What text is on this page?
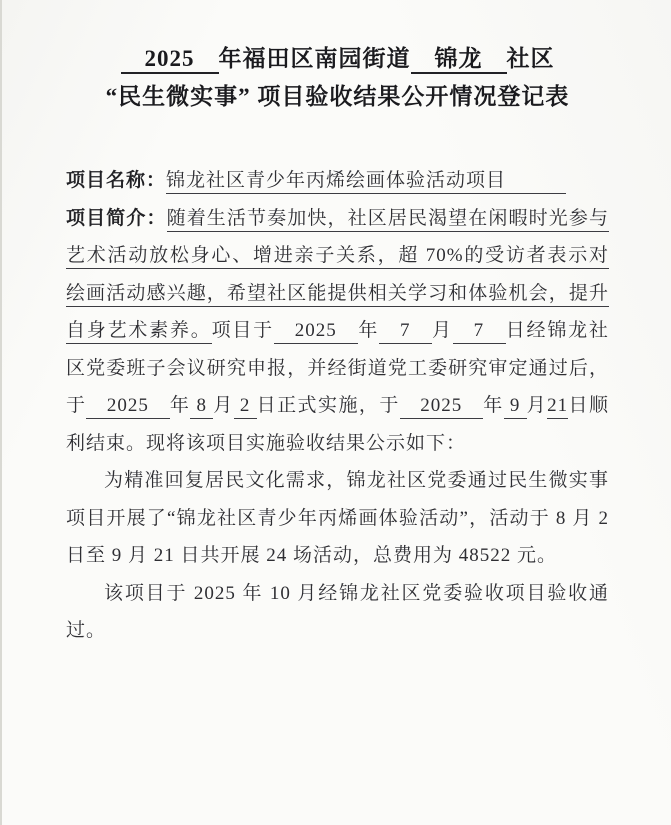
　2025　年福田区南园街道　锦龙　社区
“民生微实事” 项目验收结果公开情况登记表

项目名称：锦龙社区青少年丙烯绘画体验活动项目　　　

项目简介：随着生活节奏加快，社区居民渴望在闲暇时光参与艺术活动放松身心、增进亲子关系，超 70%的受访者表示对绘画活动感兴趣，希望社区能提供相关学习和体验机会，提升自身艺术素养。项目于　2025　年　7　月　7　日经锦龙社区党委班子会议研究申报，并经街道党工委研究审定通过后，于　2025　年 8 月 2 日正式实施，于　2025　年 9 月21日顺利结束。现将该项目实施验收结果公示如下：

为精准回复居民文化需求，锦龙社区党委通过民生微实事项目开展了“锦龙社区青少年丙烯画体验活动”，活动于 8 月 2 日至 9 月 21 日共开展 24 场活动，总费用为 48522 元。

该项目于 2025 年 10 月经锦龙社区党委验收项目验收通过。
